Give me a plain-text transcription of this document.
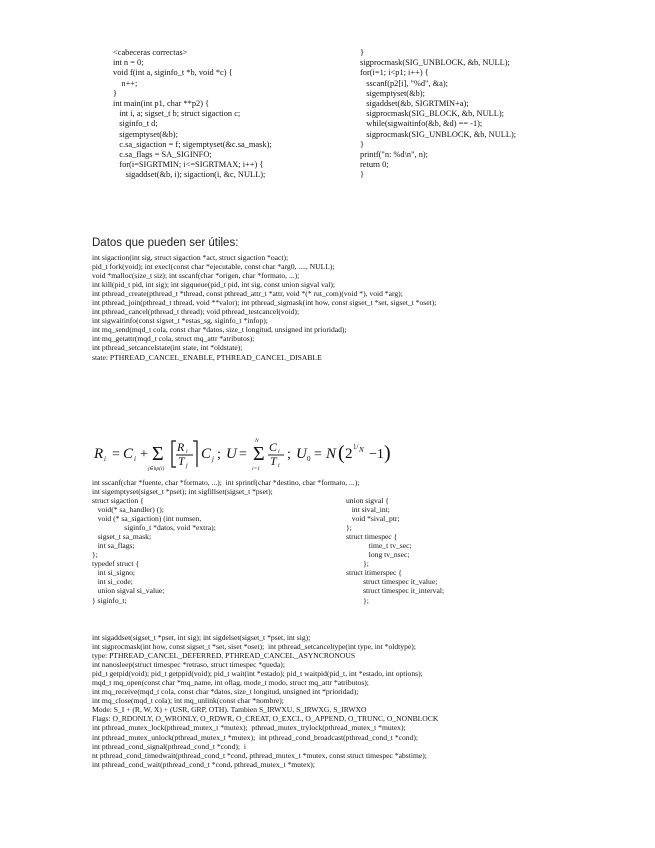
<cabeceras correctas>
int n = 0;
void f(int a, siginfo_t *b, void *c) {
n++;
}
int main(int p1, char **p2) {
int i, a; sigset_t b; struct sigaction c;
siginfo_t d;
sigemptyset(&b);
c.sa_sigaction = f; sigemptyset(&c.sa_mask);
c.sa_flags = SA_SIGINFO;
for(i=SIGRTMIN; i<=SIGRTMAX; i++) {
sigaddset(&b, i); sigaction(i, &c, NULL);
}
sigprocmask(SIG_UNBLOCK, &b, NULL);
for(i=1; i<p1; i++) {
sscanf(p2[i], "%d", &a);
sigemptyset(&b);
sigaddset(&b, SIGRTMIN+a);
sigprocmask(SIG_BLOCK, &b, NULL);
while(sigwaitinfo(&b, &d) == -1);
sigprocmask(SIG_UNBLOCK, &b, NULL);
}
printf("n: %d\n", n);
return 0;
}
Datos que pueden ser útiles:
int sigaction(int sig, struct sigaction *act, struct sigaction *oact);
pid_t fork(void); int execl(const char *ejecutable, const char *arg0, ...., NULL);
void *malloc(size_t siz); int sscanf(char *origen, char *formato, ...);
int kill(pid_t pid, int sig); int sigqueue(pid_t pid, int sig, const union sigval val);
int pthread_create(pthread_t *thread, const pthread_attr_t *attr, void *(* rut_com)(void *), void *arg);
int pthread_join(pthread_t thread, void **valor); int pthread_sigmask(int how, const sigset_t *set, sigset_t *oset);
int pthread_cancel(pthread_t thread); void pthread_testcancel(void);
int sigwaitinfo(const sigset_t *estas_sg, siginfo_t *infop);
int mq_send(mqd_t cola, const char *datos, size_t longitud, unsigned int prioridad);
int mq_getattr(mqd_t cola, struct mq_attr *atributos);
int pthread_setcancelstate(int state, int *oldstate);
state: PTHREAD_CANCEL_ENABLE, PTHREAD_CANCEL_DISABLE
R i = C i + Σ
j∈hp(i)
R i
T j
C j ; U = Σ
N
i=1
C i
T i
; U 0 = N ( 2 1/ N −1 )
int sscanf(char *fuente, char *formato, ...);  int sprintf(char *destino, char *formato, ...);
int sigemptyset(sigset_t *pset); int sigfillset(sigset_t *pset);
struct sigaction {
void(* sa_handler) ();
void (* sa_sigaction) (int numsen,
siginfo_t *datos, void *extra);
sigset_t sa_mask;
int sa_flags;
};
typedef struct {
int si_signo;
int si_code;
union sigval si_value;
} siginfo_t;
union sigval {
int sival_int;
void *sival_ptr;
};
struct timespec {
time_t tv_sec;
long tv_nsec;
};
struct itimerspec {
struct timespec it_value;
struct timespec it_interval;
};
int sigaddset(sigset_t *pset, int sig); int sigdelset(sigset_t *pset, int sig);
int sigprocmask(int how, const sigset_t *set, siset *oset);  int pthread_setcanceltype(int type, int *oldtype);
type: PTHREAD_CANCEL_DEFERRED, PTHREAD_CANCEL_ASYNCRONOUS
int nanosleep(struct timespec *retraso, struct timespec *queda);
pid_t getpid(void); pid_t getppid(void); pid_t wait(int *estado); pid_t waitpid(pid_t, int *estado, int options);
mqd_t mq_open(const char *mq_name, int oflag, mode_t modo, struct mq_attr *atributos);
int mq_receive(mqd_t cola, const char *datos, size_t longitud, unsigned int *prioridad);
int mq_close(mqd_t cola); int mq_unlink(const char *nombre);
Mode: S_I + (R, W, X) + (USR, GRP, OTH). Tambien S_IRWXU, S_IRWXG, S_IRWXO
Flags: O_RDONLY, O_WRONLY, O_RDWR, O_CREAT, O_EXCL, O_APPEND, O_TRUNC, O_NONBLOCK
int pthread_mutex_lock(pthread_mutex_t *mutex);  pthread_mutex_trylock(pthread_mutex_t *mutex);
int pthread_mutex_unlock(pthread_mutex_t *mutex);  int pthread_cond_broadcast(pthread_cond_t *cond);
int pthread_cond_signal(pthread_cond_t *cond);  i
nt pthread_cond_timedwait(pthread_cond_t *cond, pthread_mutex_t *mutex, const struct timespec *abstime);
int pthread_cond_wait(pthread_cond_t *cond, pthread_mutex_t *mutex);
